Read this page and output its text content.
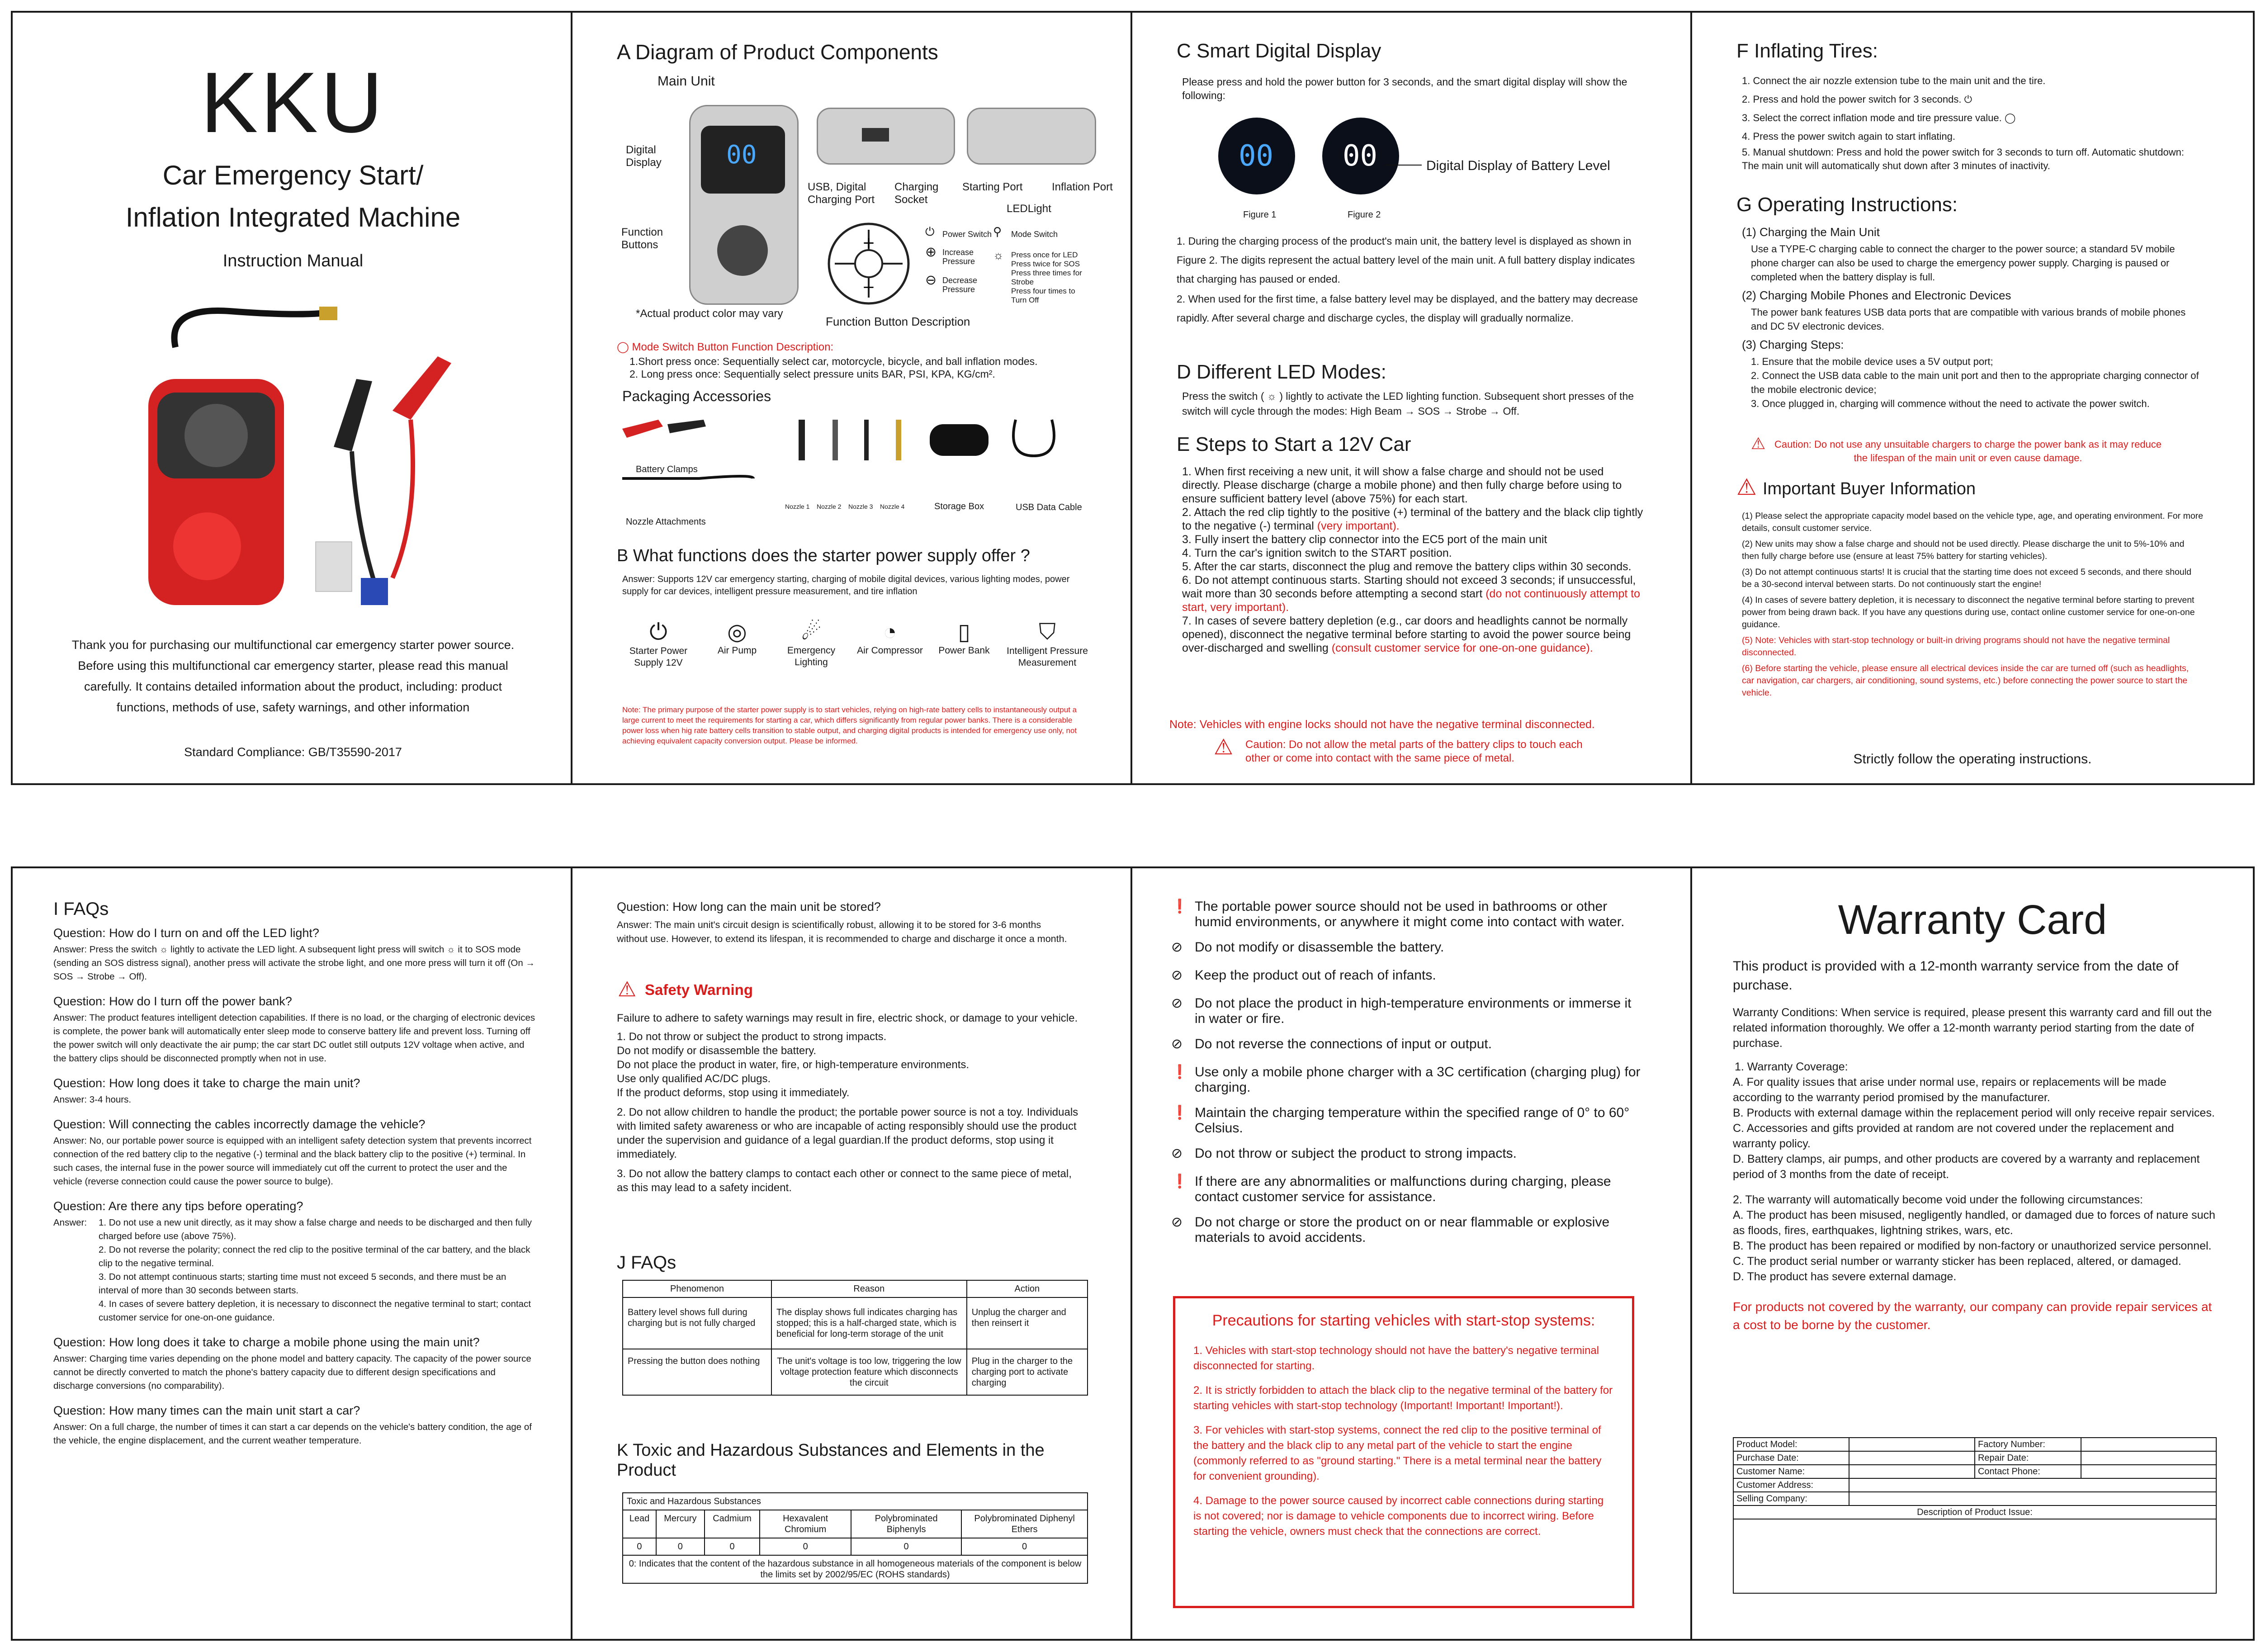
KKU
Car Emergency Start/
Inflation Integrated Machine
Instruction Manual
Thank you for purchasing our multifunctional car emergency starter power source. Before using this multifunctional car emergency starter, please read this manual carefully. It contains detailed information about the product, including: product functions, methods of use, safety warnings, and other information
Standard Compliance: GB/T35590-2017
A Diagram of Product Components
Main Unit
00
Digital Display
Function Buttons
*Actual product color may vary
USB, Digital Charging Port
Charging Socket
Starting Port	Inflation Port
LEDLight
+
−
Function Button Description
⏻ Power Switch
⊕ Increase Pressure
⊖ Decrease Pressure
⚲ Mode Switch
☼ Press once for LED
Press twice for SOS
Press three times for Strobe
Press four times to Turn Off
◯ Mode Switch Button Function Description:
1.Short press once: Sequentially select car, motorcycle, bicycle, and ball inflation modes.
2. Long press once: Sequentially select pressure units BAR, PSI, KPA, KG/cm².
Packaging Accessories
Battery Clamps
Nozzle Attachments
Nozzle 1 Nozzle 2 Nozzle 3 Nozzle 4	Storage Box	USB Data Cable
B What functions does the starter power supply offer ?
Answer: Supports 12V car emergency starting, charging of mobile digital devices, various lighting modes, power supply for car devices, intelligent pressure measurement, and tire inflation
⏻
Starter Power Supply 12V
◎
Air Pump
☄
Emergency Lighting
◔
Air Compressor
▯
Power Bank
⛉
Intelligent Pressure Measurement
Note: The primary purpose of the starter power supply is to start vehicles, relying on high-rate battery cells to instantaneously output a large current to meet the requirements for starting a car, which differs significantly from regular power banks. There is a considerable power loss when hig rate battery cells transition to stable output, and charging digital products is intended for emergency use only, not achieving equivalent capacity conversion output. Please be informed.
C Smart Digital Display
Please press and hold the power button for 3 seconds, and the smart digital display will show the following:
00 00
Figure 1	Figure 2
Digital Display of Battery Level
1. During the charging process of the product's main unit, the battery level is displayed as shown in Figure 2. The digits represent the actual battery level of the main unit. A full battery display indicates that charging has paused or ended.
2. When used for the first time, a false battery level may be displayed, and the battery may decrease rapidly. After several charge and discharge cycles, the display will gradually normalize.
D Different LED Modes:
Press the switch ( ☼ ) lightly to activate the LED lighting function. Subsequent short presses of the switch will cycle through the modes: High Beam → SOS → Strobe → Off.
E Steps to Start a 12V Car
1. When first receiving a new unit, it will show a false charge and should not be used directly. Please discharge (charge a mobile phone) and then fully charge before using to ensure sufficient battery level (above 75%) for each start.
2. Attach the red clip tightly to the positive (+) terminal of the battery and the black clip tightly to the negative (-) terminal (very important).
3. Fully insert the battery clip connector into the EC5 port of the main unit
4. Turn the car's ignition switch to the START position.
5. After the car starts, disconnect the plug and remove the battery clips within 30 seconds.
6. Do not attempt continuous starts. Starting should not exceed 3 seconds; if unsuccessful, wait more than 30 seconds before attempting a second start (do not continuously attempt to start, very important).
7. In cases of severe battery depletion (e.g., car doors and headlights cannot be normally opened), disconnect the negative terminal before starting to avoid the power source being over-discharged and swelling (consult customer service for one-on-one guidance).
Note: Vehicles with engine locks should not have the negative terminal disconnected.
⚠ Caution: Do not allow the metal parts of the battery clips to touch each other or come into contact with the same piece of metal.
F Inflating Tires:
1. Connect the air nozzle extension tube to the main unit and the tire.
2. Press and hold the power switch for 3 seconds. ⏻
3. Select the correct inflation mode and tire pressure value. ◯
4. Press the power switch again to start inflating.
5. Manual shutdown: Press and hold the power switch for 3 seconds to turn off. Automatic shutdown: The main unit will automatically shut down after 3 minutes of inactivity.
G Operating Instructions:
(1) Charging the Main Unit
Use a TYPE-C charging cable to connect the charger to the power source; a standard 5V mobile phone charger can also be used to charge the emergency power supply. Charging is paused or completed when the battery display is full.
(2) Charging Mobile Phones and Electronic Devices
The power bank features USB data ports that are compatible with various brands of mobile phones and DC 5V electronic devices.
(3) Charging Steps:
1. Ensure that the mobile device uses a 5V output port;
2. Connect the USB data cable to the main unit port and then to the appropriate charging connector of the mobile electronic device;
3. Once plugged in, charging will commence without the need to activate the power switch.
⚠ Caution: Do not use any unsuitable chargers to charge the power bank as it may reduce the lifespan of the main unit or even cause damage.
⚠ Important Buyer Information
(1) Please select the appropriate capacity model based on the vehicle type, age, and operating environment. For more details, consult customer service.
(2) New units may show a false charge and should not be used directly. Please discharge the unit to 5%-10% and then fully charge before use (ensure at least 75% battery for starting vehicles).
(3) Do not attempt continuous starts! It is crucial that the starting time does not exceed 5 seconds, and there should be a 30-second interval between starts. Do not continuously start the engine!
(4) In cases of severe battery depletion, it is necessary to disconnect the negative terminal before starting to prevent power from being drawn back. If you have any questions during use, contact online customer service for one-on-one guidance.
(5) Note: Vehicles with start-stop technology or built-in driving programs should not have the negative terminal disconnected.
(6) Before starting the vehicle, please ensure all electrical devices inside the car are turned off (such as headlights, car navigation, car chargers, air conditioning, sound systems, etc.) before connecting the power source to start the vehicle.
Strictly follow the operating instructions.
I FAQs
Question: How do I turn on and off the LED light?
Answer: Press the switch ☼ lightly to activate the LED light. A subsequent light press will switch ☼ it to SOS mode (sending an SOS distress signal), another press will activate the strobe light, and one more press will turn it off (On → SOS → Strobe → Off).
Question: How do I turn off the power bank?
Answer: The product features intelligent detection capabilities. If there is no load, or the charging of electronic devices is complete, the power bank will automatically enter sleep mode to conserve battery life and prevent loss. Turning off the power switch will only deactivate the air pump; the car start DC outlet still outputs 12V voltage when active, and the battery clips should be disconnected promptly when not in use.
Question: How long does it take to charge the main unit?
Answer: 3-4 hours.
Question: Will connecting the cables incorrectly damage the vehicle?
Answer: No, our portable power source is equipped with an intelligent safety detection system that prevents incorrect connection of the red battery clip to the negative (-) terminal and the black battery clip to the positive (+) terminal. In such cases, the internal fuse in the power source will immediately cut off the current to protect the user and the vehicle (reverse connection could cause the power source to bulge).
Question: Are there any tips before operating?
Answer:	1. Do not use a new unit directly, as it may show a false charge and needs to be discharged and then fully charged before use (above 75%).
2. Do not reverse the polarity; connect the red clip to the positive terminal of the car battery, and the black clip to the negative terminal.
3. Do not attempt continuous starts; starting time must not exceed 5 seconds, and there must be an interval of more than 30 seconds between starts.
4. In cases of severe battery depletion, it is necessary to disconnect the negative terminal to start; contact customer service for one-on-one guidance.
Question: How long does it take to charge a mobile phone using the main unit?
Answer: Charging time varies depending on the phone model and battery capacity. The capacity of the power source cannot be directly converted to match the phone's battery capacity due to different design specifications and discharge conversions (no comparability).
Question: How many times can the main unit start a car?
Answer: On a full charge, the number of times it can start a car depends on the vehicle's battery condition, the age of the vehicle, the engine displacement, and the current weather temperature.
Question: How long can the main unit be stored?
Answer: The main unit's circuit design is scientifically robust, allowing it to be stored for 3-6 months without use. However, to extend its lifespan, it is recommended to charge and discharge it once a month.
⚠ Safety Warning
Failure to adhere to safety warnings may result in fire, electric shock, or damage to your vehicle.
1. Do not throw or subject the product to strong impacts.
Do not modify or disassemble the battery.
Do not place the product in water, fire, or high-temperature environments.
Use only qualified AC/DC plugs.
If the product deforms, stop using it immediately.
2. Do not allow children to handle the product; the portable power source is not a toy. Individuals with limited safety awareness or who are incapable of acting responsibly should use the product under the supervision and guidance of a legal guardian.If the product deforms, stop using it immediately.
3. Do not allow the battery clamps to contact each other or connect to the same piece of metal, as this may lead to a safety incident.
J FAQs
Phenomenon	Reason	Action
Battery level shows full during charging but is not fully charged	The display shows full indicates charging has stopped; this is a half-charged state, which is beneficial for long-term storage of the unit	Unplug the charger and then reinsert it
Pressing the button does nothing	The unit's voltage is too low, triggering the low voltage protection feature which disconnects the circuit	Plug in the charger to the charging port to activate charging
K Toxic and Hazardous Substances and Elements in the Product
Toxic and Hazardous Substances					
Lead	Mercury	Cadmium	Hexavalent Chromium	Polybrominated Biphenyls	Polybrominated Diphenyl Ethers
0	0	0	0	0	0
0: Indicates that the content of the hazardous substance in all homogeneous materials of the component is below the limits set by 2002/95/EC (ROHS standards)					
❗ The portable power source should not be used in bathrooms or other humid environments, or anywhere it might come into contact with water.
⊘ Do not modify or disassemble the battery.
⊘ Keep the product out of reach of infants.
⊘ Do not place the product in high-temperature environments or immerse it in water or fire.
⊘ Do not reverse the connections of input or output.
❗ Use only a mobile phone charger with a 3C certification (charging plug) for charging.
❗ Maintain the charging temperature within the specified range of 0° to 60° Celsius.
⊘ Do not throw or subject the product to strong impacts.
❗ If there are any abnormalities or malfunctions during charging, please contact customer service for assistance.
⊘ Do not charge or store the product on or near flammable or explosive materials to avoid accidents.
Precautions for starting vehicles with start-stop systems:
1. Vehicles with start-stop technology should not have the battery's negative terminal disconnected for starting.
2. It is strictly forbidden to attach the black clip to the negative terminal of the battery for starting vehicles with start-stop technology (Important! Important! Important!).
3. For vehicles with start-stop systems, connect the red clip to the positive terminal of the battery and the black clip to any metal part of the vehicle to start the engine (commonly referred to as "ground starting." There is a metal terminal near the battery for convenient grounding).
4. Damage to the power source caused by incorrect cable connections during starting is not covered; nor is damage to vehicle components due to incorrect wiring. Before starting the vehicle, owners must check that the connections are correct.
Warranty Card
This product is provided with a 12-month warranty service from the date of purchase.
Warranty Conditions: When service is required, please present this warranty card and fill out the related information thoroughly. We offer a 12-month warranty period starting from the date of purchase.
1. Warranty Coverage:
A. For quality issues that arise under normal use, repairs or replacements will be made according to the warranty period promised by the manufacturer.
B. Products with external damage within the replacement period will only receive repair services.
C. Accessories and gifts provided at random are not covered under the replacement and warranty policy.
D. Battery clamps, air pumps, and other products are covered by a warranty and replacement period of 3 months from the date of receipt.
2. The warranty will automatically become void under the following circumstances:
A. The product has been misused, negligently handled, or damaged due to forces of nature such as floods, fires, earthquakes, lightning strikes, wars, etc.
B. The product has been repaired or modified by non-factory or unauthorized service personnel.
C. The product serial number or warranty sticker has been replaced, altered, or damaged.
D. The product has severe external damage.
For products not covered by the warranty, our company can provide repair services at a cost to be borne by the customer.
Product Model:		Factory Number:	
Purchase Date:		Repair Date:	
Customer Name:		Contact Phone:	
Customer Address:			
Selling Company:			
Description of Product Issue:			
